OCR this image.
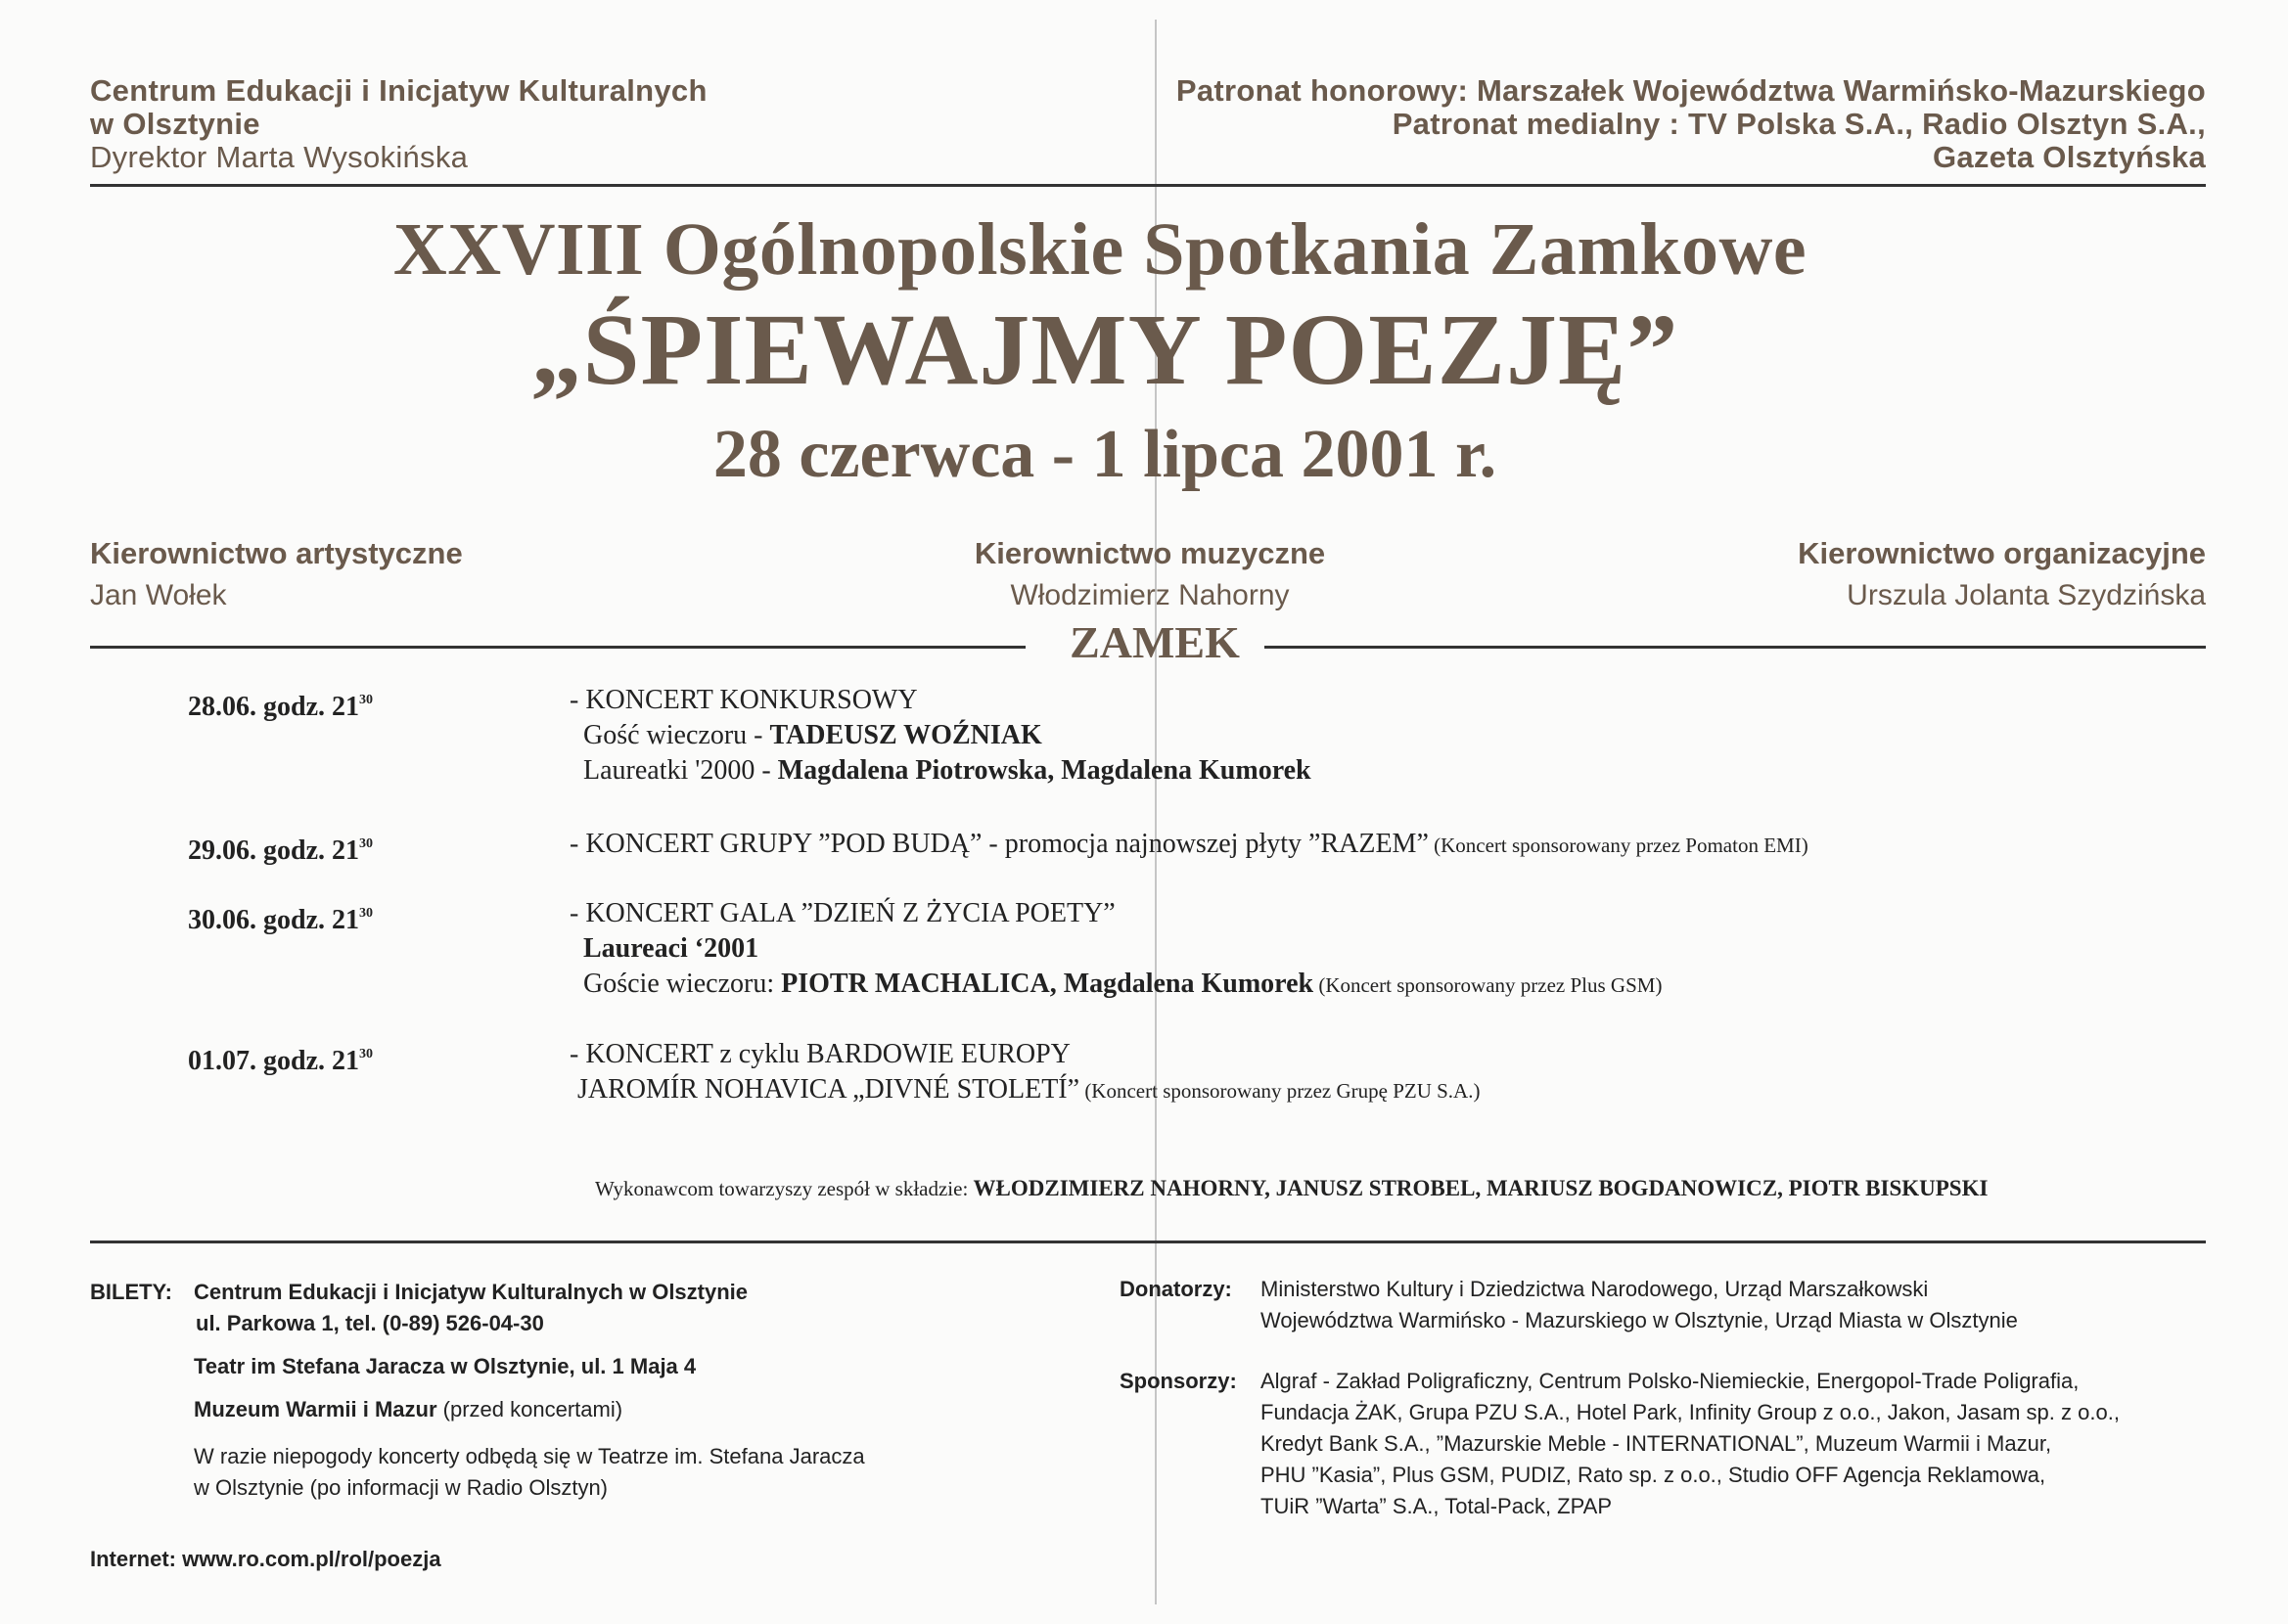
Centrum Edukacji i Inicjatyw Kulturalnych
w Olsztynie
Dyrektor Marta Wysokińska
Patronat honorowy: Marszałek Województwa Warmińsko-Mazurskiego
Patronat medialny : TV Polska S.A., Radio Olsztyn S.A.,
Gazeta Olsztyńska
XXVIII Ogólnopolskie Spotkania Zamkowe
„ŚPIEWAJMY POEZJĘ”
28 czerwca - 1 lipca 2001 r.
Kierownictwo artystyczne
Jan Wołek
Kierownictwo muzyczne
Włodzimierz Nahorny
Kierownictwo organizacyjne
Urszula Jolanta Szydzińska
ZAMEK
28.06. godz. $21^{30}$	- KONCERT KONKURSOWY
Gość wieczoru - TADEUSZ WOŹNIAK
Laureatki '2000 - Magdalena Piotrowska, Magdalena Kumorek
29.06. godz. $21^{30}$	- KONCERT GRUPY ”POD BUDĄ” - promocja najnowszej płyty ”RAZEM” (Koncert sponsorowany przez Pomaton EMI)
30.06. godz. $21^{30}$	- KONCERT GALA ”DZIEŃ Z ŻYCIA POETY”
Laureaci ‘2001
Goście wieczoru: PIOTR MACHALICA, Magdalena Kumorek (Koncert sponsorowany przez Plus GSM)
01.07. godz. $21^{30}$	- KONCERT z cyklu BARDOWIE EUROPY
JAROMÍR NOHAVICA „DIVNÉ STOLETÍ” (Koncert sponsorowany przez Grupę PZU S.A.)
Wykonawcom towarzyszy zespół w składzie: WŁODZIMIERZ NAHORNY, JANUSZ STROBEL, MARIUSZ BOGDANOWICZ, PIOTR BISKUPSKI
BILETY: Centrum Edukacji i Inicjatyw Kulturalnych w Olsztynie
ul. Parkowa 1, tel. (0-89) 526-04-30
Teatr im Stefana Jaracza w Olsztynie, ul. 1 Maja 4
Muzeum Warmii i Mazur (przed koncertami)
W razie niepogody koncerty odbędą się w Teatrze im. Stefana Jaracza
w Olsztynie (po informacji w Radio Olsztyn)
Internet: www.ro.com.pl/rol/poezja
Donatorzy: Ministerstwo Kultury i Dziedzictwa Narodowego, Urząd Marszałkowski
Województwa Warmińsko - Mazurskiego w Olsztynie, Urząd Miasta w Olsztynie
Sponsorzy: Algraf - Zakład Poligraficzny, Centrum Polsko-Niemieckie, Energopol-Trade Poligrafia,
Fundacja ŻAK, Grupa PZU S.A., Hotel Park, Infinity Group z o.o., Jakon, Jasam sp. z o.o.,
Kredyt Bank S.A., ”Mazurskie Meble - INTERNATIONAL”, Muzeum Warmii i Mazur,
PHU ”Kasia”, Plus GSM, PUDIZ, Rato sp. z o.o., Studio OFF Agencja Reklamowa,
TUiR ”Warta” S.A., Total-Pack, ZPAP
